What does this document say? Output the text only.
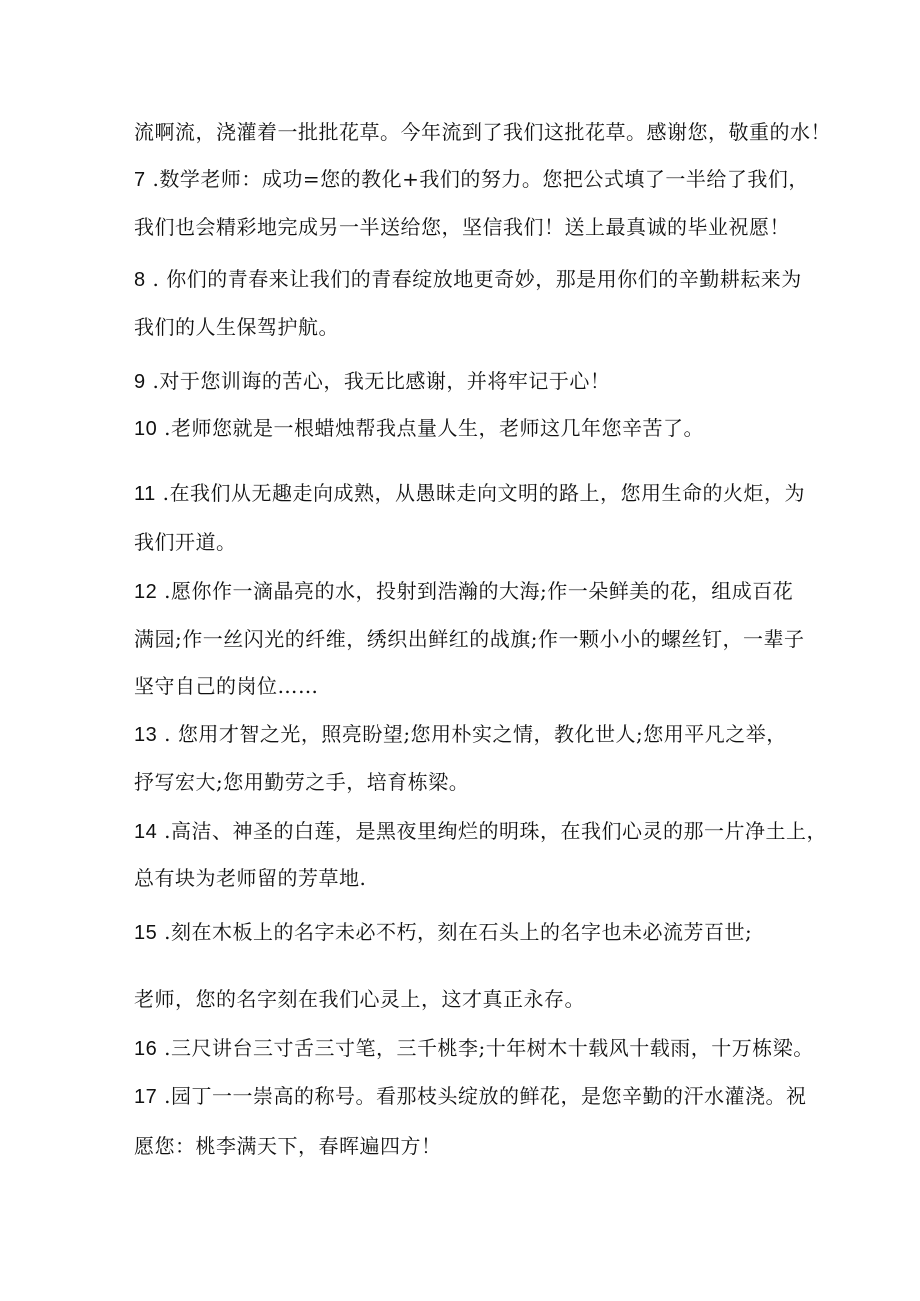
流啊流，浇灌着一批批花草。今年流到了我们这批花草。感谢您，敬重的水！
7 .数学老师：成功=您的教化+我们的努力。您把公式填了一半给了我们，
我们也会精彩地完成另一半送给您，坚信我们！送上最真诚的毕业祝愿！
8 . 你们的青春来让我们的青春绽放地更奇妙，那是用你们的辛勤耕耘来为
我们的人生保驾护航。
9 .对于您训诲的苦心，我无比感谢，并将牢记于心！
10 .老师您就是一根蜡烛帮我点量人生，老师这几年您辛苦了。
11 .在我们从无趣走向成熟，从愚昧走向文明的路上，您用生命的火炬，为
我们开道。
12 .愿你作一滴晶亮的水，投射到浩瀚的大海;作一朵鲜美的花，组成百花
满园;作一丝闪光的纤维，绣织出鲜红的战旗;作一颗小小的螺丝钉，一辈子
坚守自己的岗位……
13 . 您用才智之光，照亮盼望;您用朴实之情，教化世人;您用平凡之举，
抒写宏大;您用勤劳之手，培育栋梁。
14 .高洁、神圣的白莲，是黑夜里绚烂的明珠，在我们心灵的那一片净土上，
总有块为老师留的芳草地.
15 .刻在木板上的名字未必不朽，刻在石头上的名字也未必流芳百世;
老师，您的名字刻在我们心灵上，这才真正永存。
16 .三尺讲台三寸舌三寸笔，三千桃李;十年树木十载风十载雨，十万栋梁。
17 .园丁一一崇高的称号。看那枝头绽放的鲜花，是您辛勤的汗水灌浇。祝
愿您：桃李满天下，春晖遍四方！
